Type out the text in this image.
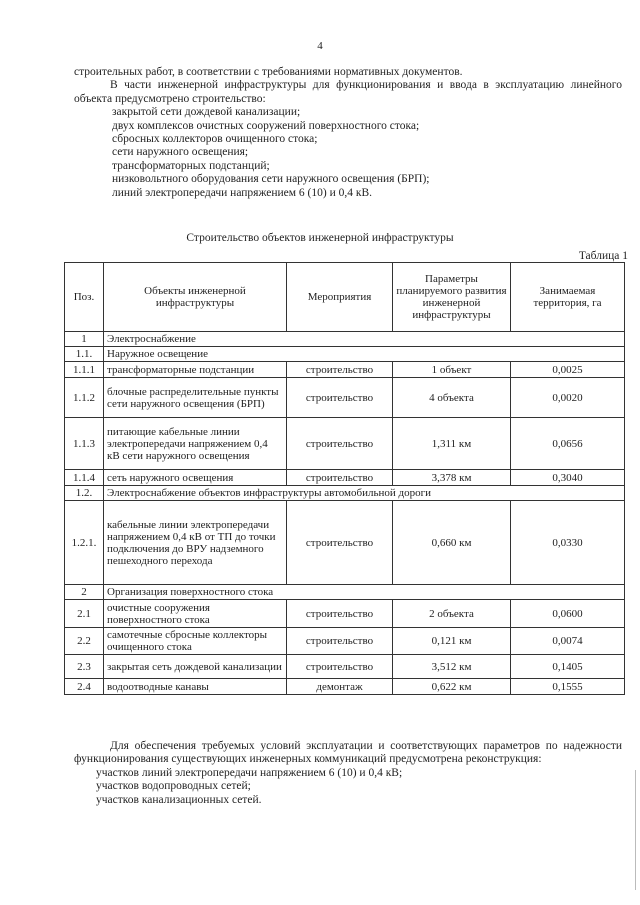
4

строительных работ, в соответствии с требованиями нормативных документов.

В части инженерной инфраструктуры для функционирования и ввода в эксплуатацию линейного объекта предусмотрено строительство:

закрытой сети дождевой канализации;
двух комплексов очистных сооружений поверхностного стока;
сбросных коллекторов очищенного стока;
сети наружного освещения;
трансформаторных подстанций;
низковольтного оборудования сети наружного освещения (БРП);
линий электропередачи напряжением 6 (10) и 0,4 кВ.
Строительство объектов инженерной инфраструктуры
Таблица 1
Поз.	Объекты инженерной инфраструктуры	Мероприятия	Параметры планируемого развития инженерной инфраструктуры	Занимаемая территория, га
1	Электроснабжение			
1.1.	Наружное освещение			
1.1.1	трансформаторные подстанции	строительство	1 объект	0,0025
1.1.2	блочные распределительные пункты сети наружного освещения (БРП)	строительство	4 объекта	0,0020
1.1.3	питающие кабельные линии электропередачи напряжением 0,4 кВ сети наружного освещения	строительство	1,311 км	0,0656
1.1.4	сеть наружного освещения	строительство	3,378 км	0,3040
1.2.	Электроснабжение объектов инфраструктуры автомобильной дороги			
1.2.1.	кабельные линии электропередачи напряжением 0,4 кВ от ТП до точки подключения до ВРУ надземного пешеходного перехода	строительство	0,660 км	0,0330
2	Организация поверхностного стока			
2.1	очистные сооружения поверхностного стока	строительство	2 объекта	0,0600
2.2	самотечные сбросные коллекторы очищенного стока	строительство	0,121 км	0,0074
2.3	закрытая сеть дождевой канализации	строительство	3,512 км	0,1405
2.4	водоотводные канавы	демонтаж	0,622 км	0,1555

Для обеспечения требуемых условий эксплуатации и соответствующих параметров по надежности функционирования существующих инженерных коммуникаций предусмотрена реконструкция:

участков линий электропередачи напряжением 6 (10) и 0,4 кВ;
участков водопроводных сетей;
участков канализационных сетей.
